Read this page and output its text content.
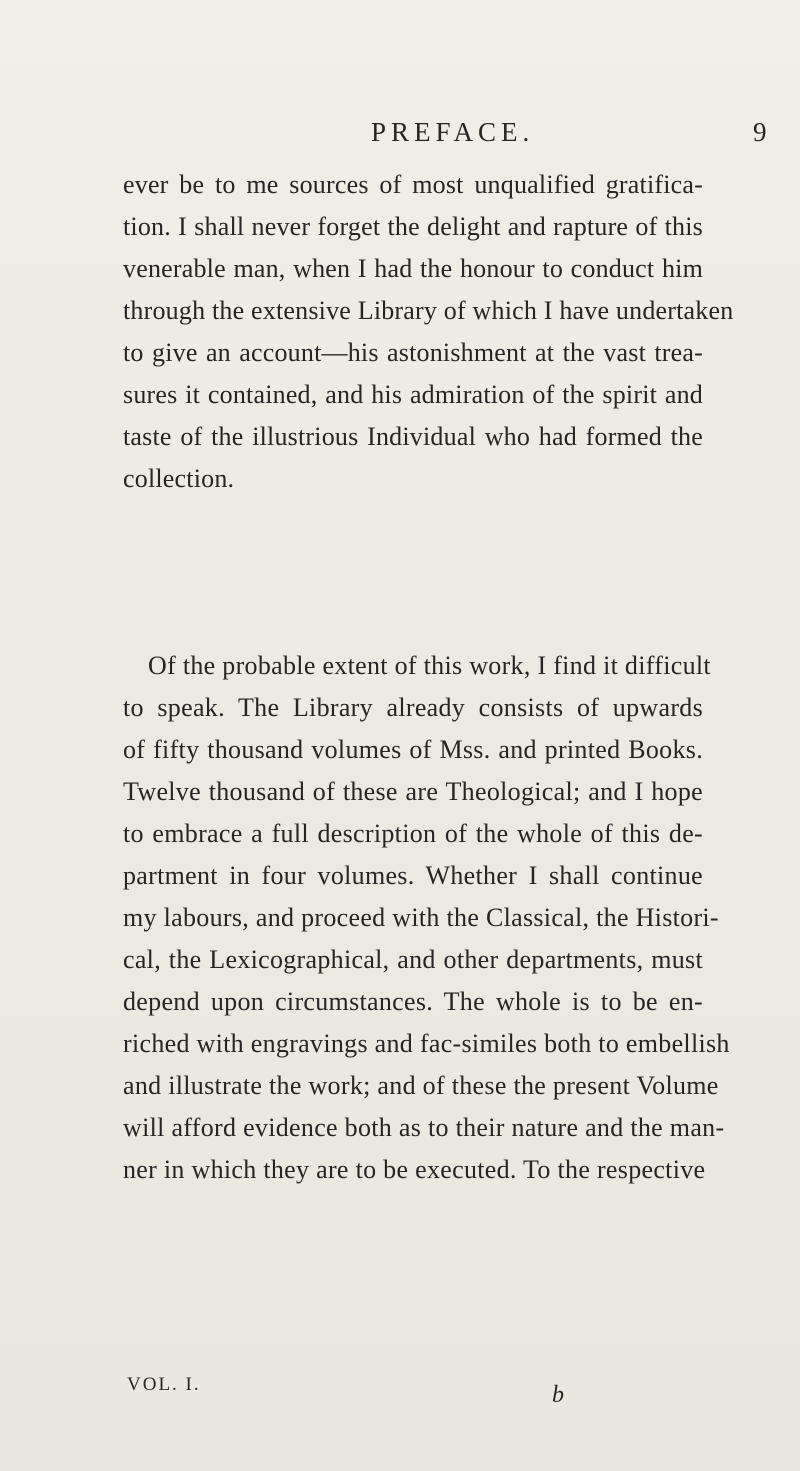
PREFACE.	9

ever be to me sources of most unqualified gratifica-
tion. I shall never forget the delight and rapture of this
venerable man, when I had the honour to conduct him
through the extensive Library of which I have undertaken
to give an account—his astonishment at the vast trea-
sures it contained, and his admiration of the spirit and
taste of the illustrious Individual who had formed the
collection.

Of the probable extent of this work, I find it difficult
to speak. The Library already consists of upwards
of fifty thousand volumes of Mss. and printed Books.
Twelve thousand of these are Theological; and I hope
to embrace a full description of the whole of this de-
partment in four volumes. Whether I shall continue
my labours, and proceed with the Classical, the Histori-
cal, the Lexicographical, and other departments, must
depend upon circumstances. The whole is to be en-
riched with engravings and fac-similes both to embellish
and illustrate the work; and of these the present Volume
will afford evidence both as to their nature and the man-
ner in which they are to be executed. To the respective

VOL. I.	b
